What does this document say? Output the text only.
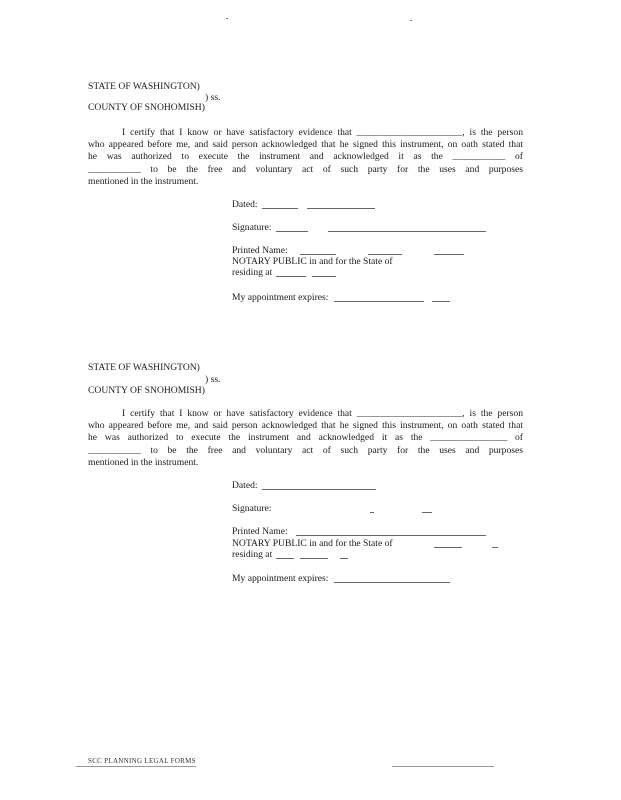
STATE OF WASHINGTON)
) ss.
COUNTY OF SNOHOMISH)
I certify that I know or have satisfactory evidence that ______________________, is the person
who appeared before me, and said person acknowledged that he signed this instrument, on oath stated that
he was authorized to execute the instrument and acknowledged it as the ___________ of
___________ to be the free and voluntary act of such party for the uses and purposes
mentioned in the instrument.
Dated:
Signature:
Printed Name:
NOTARY PUBLIC in and for the State of
residing at
My appointment expires:
STATE OF WASHINGTON)
) ss.
COUNTY OF SNOHOMISH)
I certify that I know or have satisfactory evidence that ______________________, is the person
who appeared before me, and said person acknowledged that he signed this instrument, on oath stated that
he was authorized to execute the instrument and acknowledged it as the ________________ of
___________ to be the free and voluntary act of such party for the uses and purposes
mentioned in the instrument.
Dated:
Signature:
Printed Name:
NOTARY PUBLIC in and for the State of
residing at
My appointment expires:
SCC PLANNING LEGAL FORMS
